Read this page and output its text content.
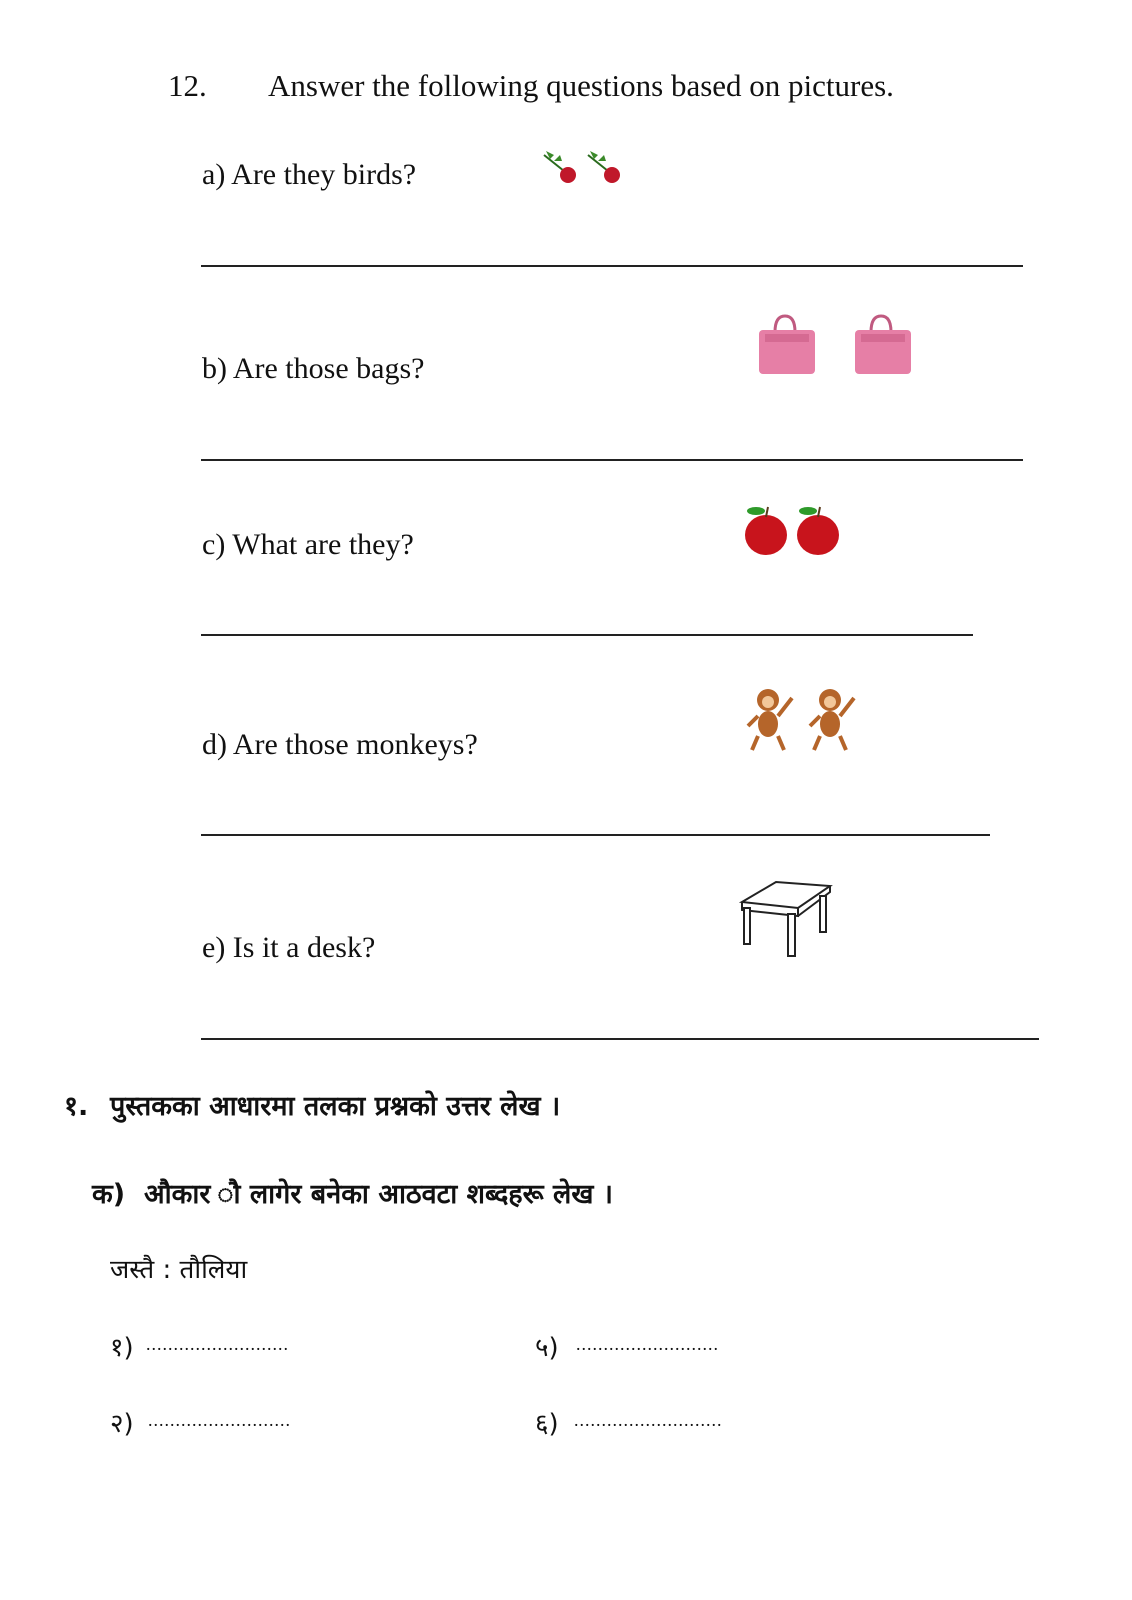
12. Answer the following questions based on pictures.
a) Are they birds?
b) Are those bags?
c) What are they?
d) Are those monkeys?
e) Is it a desk?
१. पुस्तकका आधारमा तलका प्रश्नको उत्तर लेख ।
क) औकार ौ लागेर बनेका आठवटा शब्दहरू लेख ।
जस्तै : तौलिया
१) ..........................	५) ..........................
२) ..........................	६) ...........................
